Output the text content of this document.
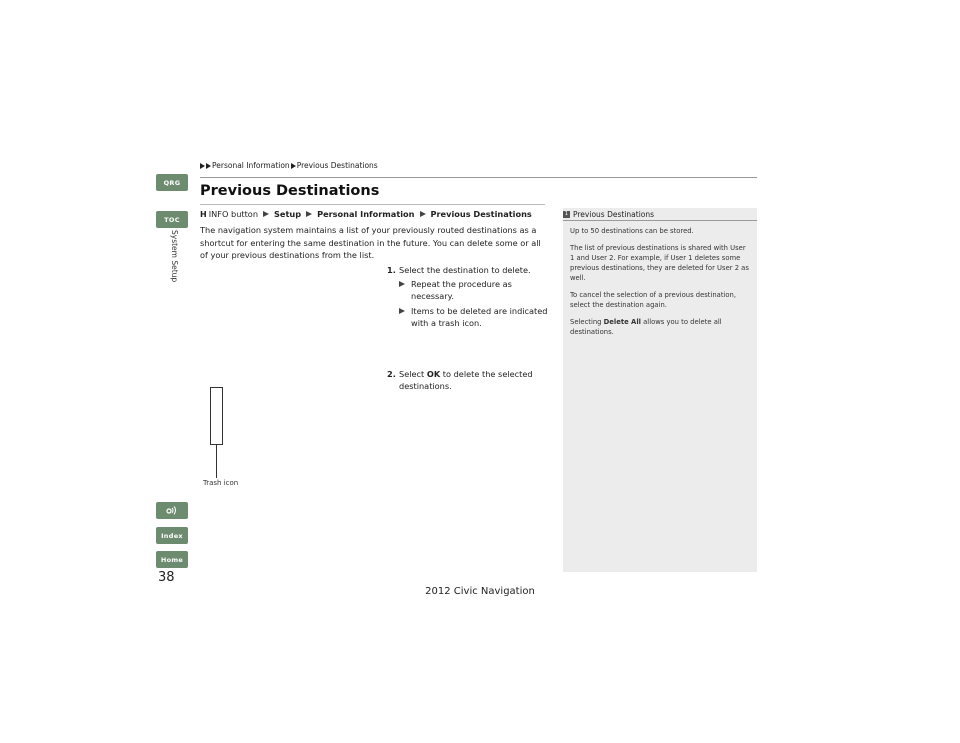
Personal Information Previous Destinations
QRG
TOC
System Setup
Index
Home
38
Previous Destinations
H INFO button Setup Personal Information Previous Destinations
The navigation system maintains a list of your previously routed destinations as a shortcut for entering the same destination in the future. You can delete some or all of your previous destinations from the list.
1. Select the destination to delete.
Repeat the procedure as necessary.
Items to be deleted are indicated with a trash icon.
2. Select OK to delete the selected destinations.
Trash icon
1 Previous Destinations

Up to 50 destinations can be stored.

The list of previous destinations is shared with User 1 and User 2. For example, if User 1 deletes some previous destinations, they are deleted for User 2 as well.

To cancel the selection of a previous destination, select the destination again.

Selecting Delete All allows you to delete all destinations.

2012 Civic Navigation
